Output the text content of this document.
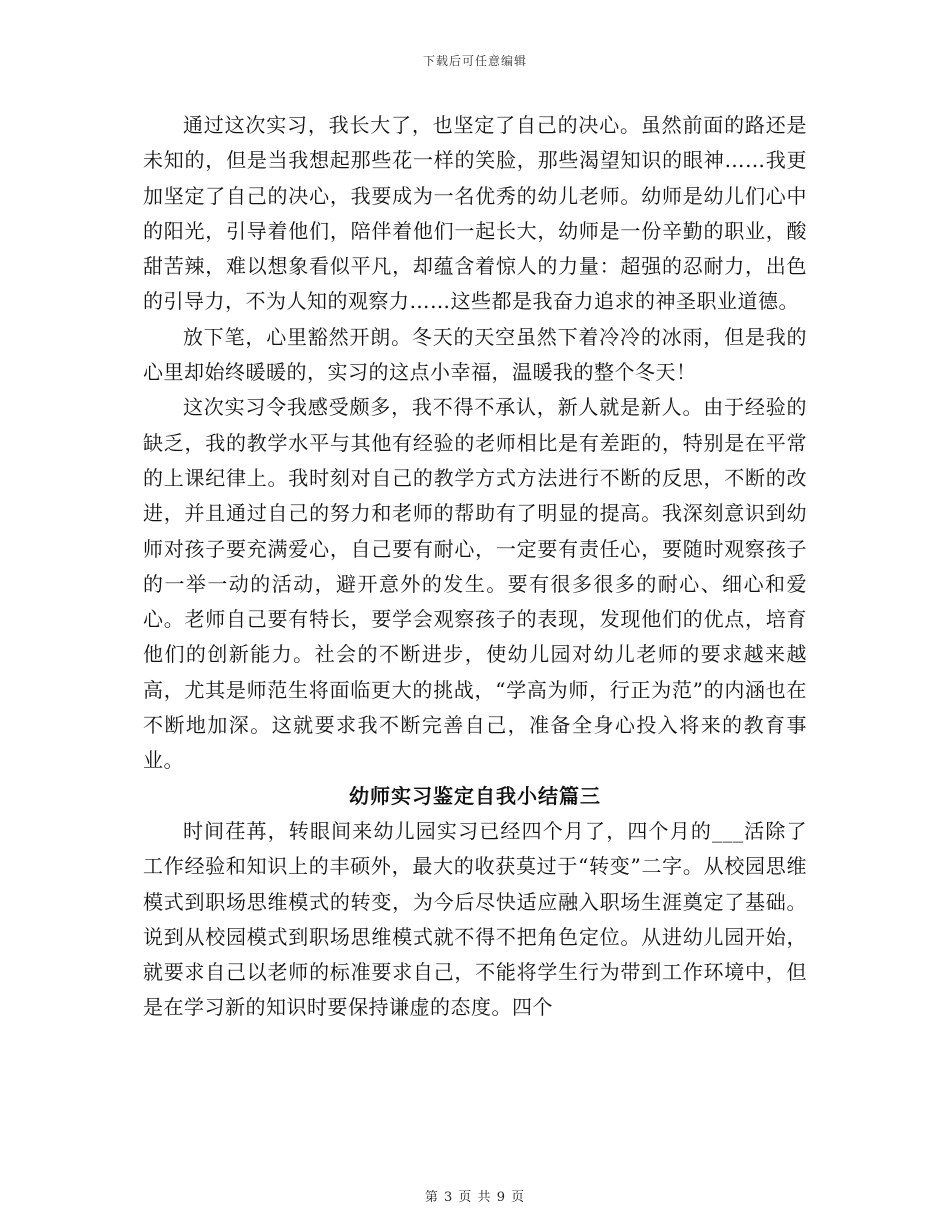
下载后可任意编辑

通过这次实习，我长大了，也坚定了自己的决心。虽然前面的路还是未知的，但是当我想起那些花一样的笑脸，那些渴望知识的眼神……我更加坚定了自己的决心，我要成为一名优秀的幼儿老师。幼师是幼儿们心中的阳光，引导着他们，陪伴着他们一起长大，幼师是一份辛勤的职业，酸甜苦辣，难以想象看似平凡，却蕴含着惊人的力量：超强的忍耐力，出色的引导力，不为人知的观察力……这些都是我奋力追求的神圣职业道德。

放下笔，心里豁然开朗。冬天的天空虽然下着冷冷的冰雨，但是我的心里却始终暖暖的，实习的这点小幸福，温暖我的整个冬天！

这次实习令我感受颇多，我不得不承认，新人就是新人。由于经验的缺乏，我的教学水平与其他有经验的老师相比是有差距的，特别是在平常的上课纪律上。我时刻对自己的教学方式方法进行不断的反思，不断的改进，并且通过自己的努力和老师的帮助有了明显的提高。我深刻意识到幼师对孩子要充满爱心，自己要有耐心，一定要有责任心，要随时观察孩子的一举一动的活动，避开意外的发生。要有很多很多的耐心、细心和爱心。老师自己要有特长，要学会观察孩子的表现，发现他们的优点，培育他们的创新能力。社会的不断进步，使幼儿园对幼儿老师的要求越来越高，尤其是师范生将面临更大的挑战，“学高为师，行正为范”的内涵也在不断地加深。这就要求我不断完善自己，准备全身心投入将来的教育事业。

幼师实习鉴定自我小结篇三

时间荏苒，转眼间来幼儿园实习已经四个月了，四个月的___活除了工作经验和知识上的丰硕外，最大的收获莫过于“转变”二字。从校园思维模式到职场思维模式的转变，为今后尽快适应融入职场生涯奠定了基础。说到从校园模式到职场思维模式就不得不把角色定位。从进幼儿园开始，就要求自己以老师的标准要求自己，不能将学生行为带到工作环境中，但是在学习新的知识时要保持谦虚的态度。四个

第 3 页 共 9 页
